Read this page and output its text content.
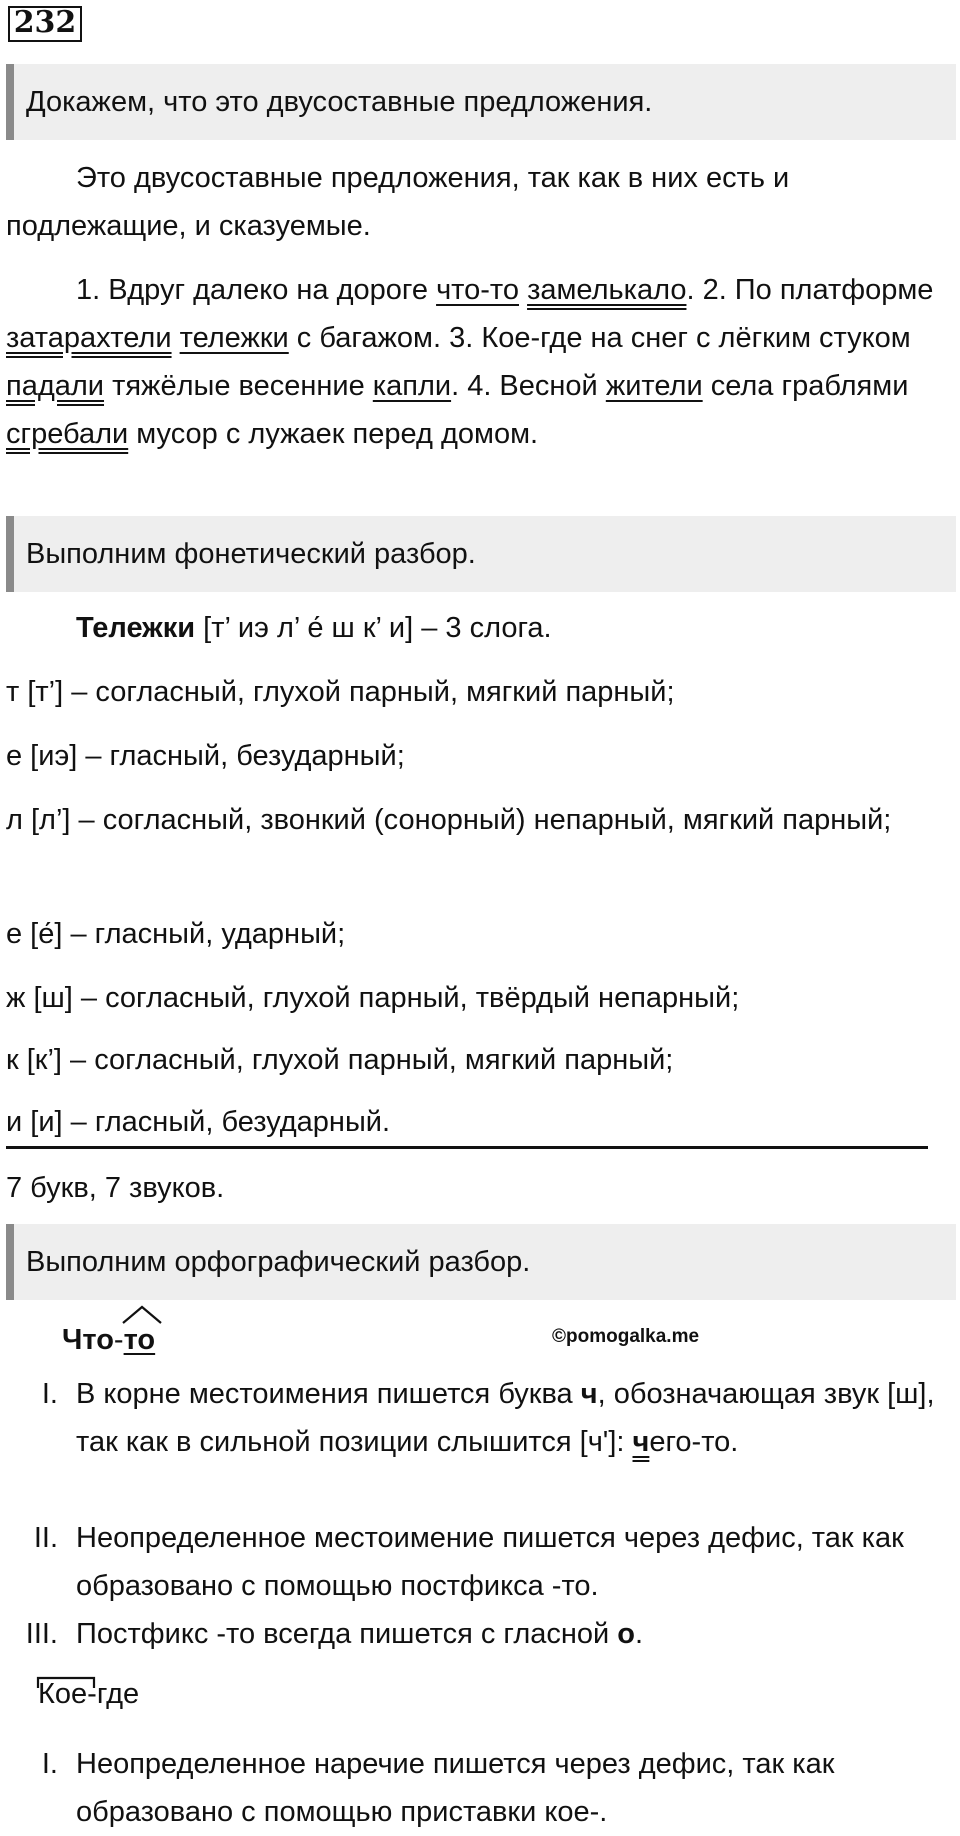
232
Докажем, что это двусоставные предложения.
Это двусоставные предложения, так как в них есть и подлежащие, и сказуемые.
1. Вдруг далеко на дороге что-то замелькало. 2. По платформе затарахтели тележки с багажом. 3. Кое-где на снег с лёгким стуком падали тяжёлые весенние капли. 4. Весной жители села граблями сгребали мусор с лужаек перед домом.
Выполним фонетический разбор.
Тележки [т’ иэ л’ е́ ш к’ и] – 3 слога.
т [т’] – согласный, глухой парный, мягкий парный;
е [иэ] – гласный, безударный;
л [л’] – согласный, звонкий (сонорный) непарный, мягкий парный;
е [е́] – гласный, ударный;
ж [ш] – согласный, глухой парный, твёрдый непарный;
к [к’] – согласный, глухой парный, мягкий парный;
и [и] – гласный, безударный.
7 букв, 7 звуков.
Выполним орфографический разбор.
Что-то	©pomogalka.me
I. В корне местоимения пишется буква ч, обозначающая звук [ш], так как в сильной позиции слышится [ч']: чего-то.
II. Неопределенное местоимение пишется через дефис, так как образовано с помощью постфикса -то.
III. Постфикс -то всегда пишется с гласной о.
Кое-где
I. Неопределенное наречие пишется через дефис, так как образовано с помощью приставки кое-.
